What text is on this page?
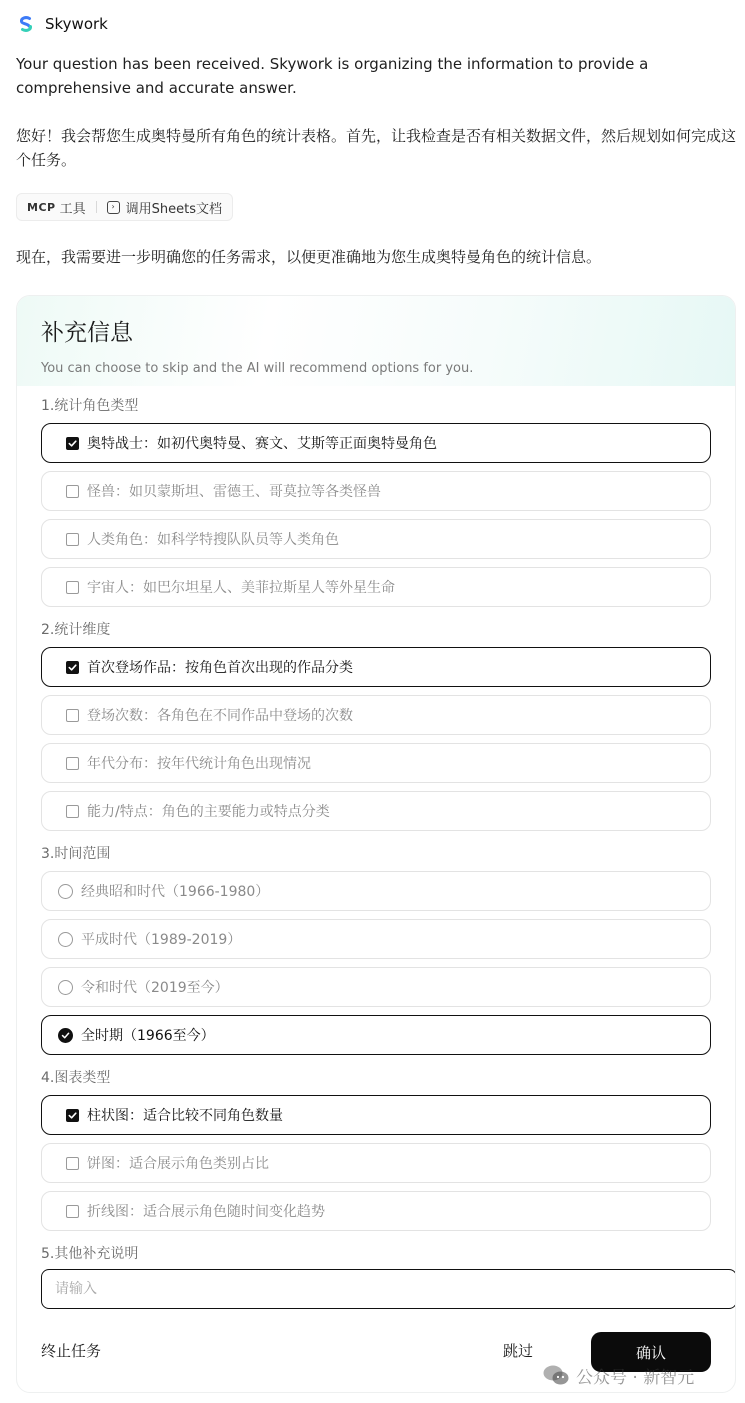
Skywork
Your question has been received. Skywork is organizing the information to provide a comprehensive and accurate answer.
您好！我会帮您生成奥特曼所有角色的统计表格。首先，让我检查是否有相关数据文件，然后规划如何完成这个任务。
MCP 工具	› 调用Sheets文档
现在，我需要进一步明确您的任务需求，以便更准确地为您生成奥特曼角色的统计信息。
补充信息
You can choose to skip and the AI will recommend options for you.
1.统计角色类型
2.统计维度
3.时间范围
4.图表类型
5.其他补充说明
奥特战士：如初代奥特曼、赛文、艾斯等正面奥特曼角色
怪兽：如贝蒙斯坦、雷德王、哥莫拉等各类怪兽
人类角色：如科学特搜队队员等人类角色
宇宙人：如巴尔坦星人、美菲拉斯星人等外星生命
首次登场作品：按角色首次出现的作品分类
登场次数：各角色在不同作品中登场的次数
年代分布：按年代统计角色出现情况
能力/特点：角色的主要能力或特点分类
经典昭和时代（1966-1980）
平成时代（1989-2019）
令和时代（2019至今）
全时期（1966至今）
柱状图：适合比较不同角色数量
饼图：适合展示角色类别占比
折线图：适合展示角色随时间变化趋势
请输入
终止任务	跳过	确认
公众号 · 新智元
